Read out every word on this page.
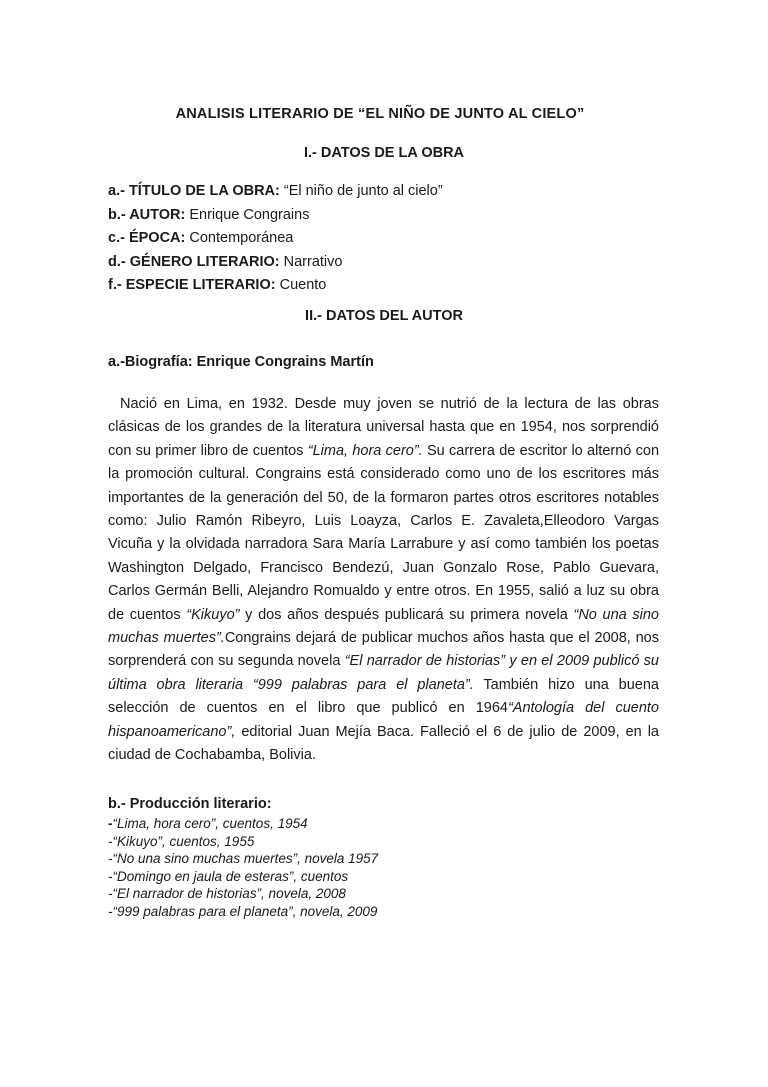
ANALISIS LITERARIO DE “EL NIÑO DE JUNTO AL CIELO”
I.- DATOS DE LA OBRA
a.- TÍTULO DE LA OBRA: “El niño de junto al cielo”
b.- AUTOR: Enrique Congrains
c.- ÉPOCA: Contemporánea
d.- GÉNERO LITERARIO: Narrativo
f.- ESPECIE LITERARIO: Cuento
II.- DATOS DEL AUTOR
a.-Biografía: Enrique Congrains Martín

Nació en Lima, en 1932. Desde muy joven se nutrió de la lectura de las obras clásicas de los grandes de la literatura universal hasta que en 1954, nos sorprendió con su primer libro de cuentos “Lima, hora cero”. Su carrera de escritor lo alternó con la promoción cultural. Congrains está considerado como uno de los escritores más importantes de la generación del 50, de la formaron partes otros escritores notables como: Julio Ramón Ribeyro, Luis Loayza, Carlos E. Zavaleta,Elleodoro Vargas Vicuña y la olvidada narradora Sara María Larrabure y así como también los poetas Washington Delgado, Francisco Bendezú, Juan Gonzalo Rose, Pablo Guevara, Carlos Germán Belli, Alejandro Romualdo y entre otros. En 1955, salió a luz su obra de cuentos “Kikuyo” y dos años después publicará su primera novela “No una sino muchas muertes”.Congrains dejará de publicar muchos años hasta que el 2008, nos sorprenderá con su segunda novela “El narrador de historias” y en el 2009 publicó su última obra literaria “999 palabras para el planeta”. También hizo una buena selección de cuentos en el libro que publicó en 1964“Antología del cuento hispanoamericano”, editorial Juan Mejía Baca. Falleció el 6 de julio de 2009, en la ciudad de Cochabamba, Bolivia.

b.- Producción literario:
-“Lima, hora cero”, cuentos, 1954
-“Kikuyo”, cuentos, 1955
-“No una sino muchas muertes”, novela 1957
-“Domingo en jaula de esteras”, cuentos
-“El narrador de historias”, novela, 2008
-“999 palabras para el planeta”, novela, 2009
